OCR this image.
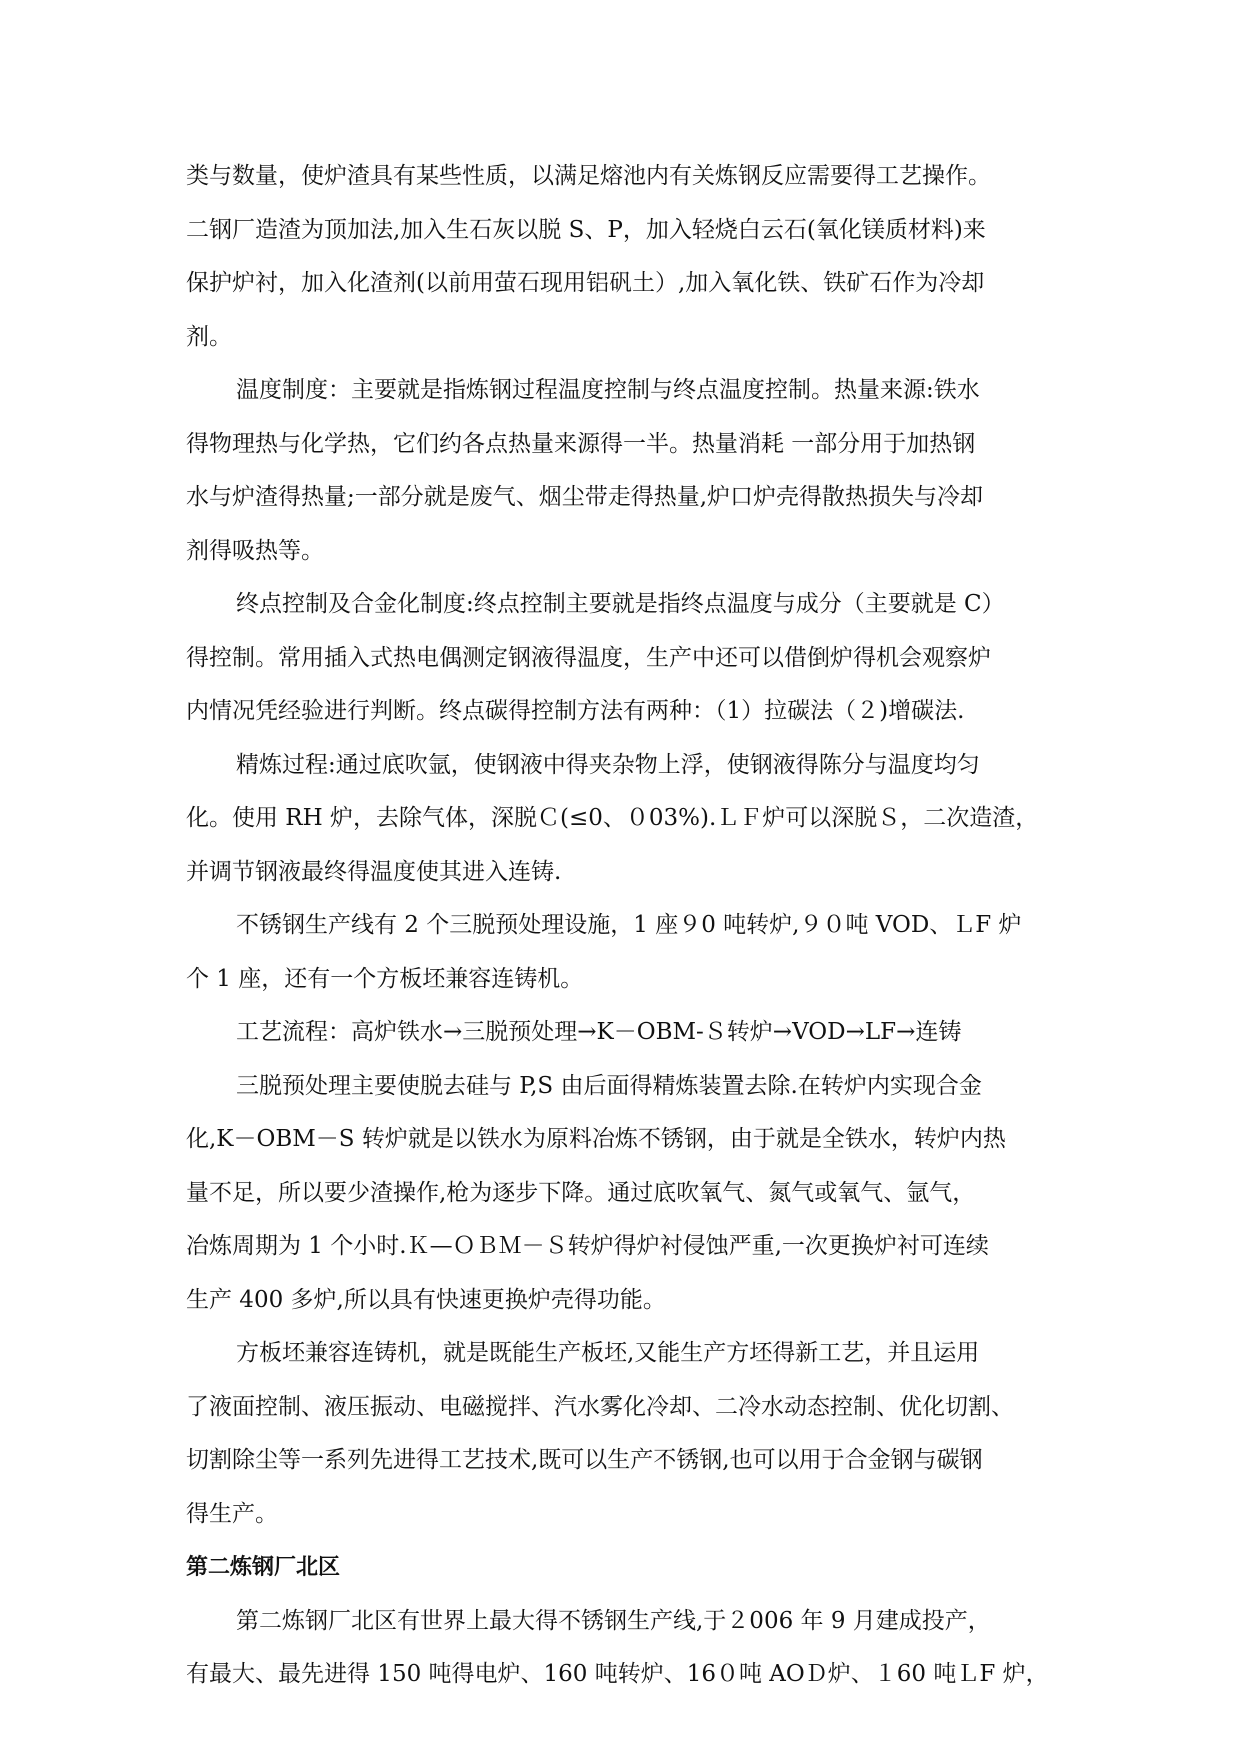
类与数量，使炉渣具有某些性质，以满足熔池内有关炼钢反应需要得工艺操作。
二钢厂造渣为顶加法,加入生石灰以脱 S、P，加入轻烧白云石(氧化镁质材料)来
保护炉衬，加入化渣剂(以前用萤石现用铝矾土）,加入氧化铁、铁矿石作为冷却
剂。
温度制度：主要就是指炼钢过程温度控制与终点温度控制。热量来源:铁水
得物理热与化学热，它们约各点热量来源得一半。热量消耗 一部分用于加热钢
水与炉渣得热量;一部分就是废气、烟尘带走得热量,炉口炉壳得散热损失与冷却
剂得吸热等。
终点控制及合金化制度:终点控制主要就是指终点温度与成分（主要就是 C）
得控制。常用插入式热电偶测定钢液得温度，生产中还可以借倒炉得机会观察炉
内情况凭经验进行判断。终点碳得控制方法有两种：（1）拉碳法（２)增碳法.
精炼过程:通过底吹氩，使钢液中得夹杂物上浮，使钢液得陈分与温度均匀
化。使用 RH 炉，去除气体，深脱Ｃ(≤0、０03%).ＬＦ炉可以深脱Ｓ，二次造渣，
并调节钢液最终得温度使其进入连铸.
不锈钢生产线有 2 个三脱预处理设施，1 座９0 吨转炉,９０吨 VOD、ＬF 炉
个 1 座，还有一个方板坯兼容连铸机。
工艺流程：高炉铁水→三脱预处理→K－OBM-Ｓ转炉→VOD→LF→连铸
三脱预处理主要使脱去硅与 P,S 由后面得精炼装置去除.在转炉内实现合金
化,K－OBM－S 转炉就是以铁水为原料冶炼不锈钢，由于就是全铁水，转炉内热
量不足，所以要少渣操作,枪为逐步下降。通过底吹氧气、氮气或氧气、氩气，
冶炼周期为 1 个小时.Ｋ—ＯＢＭ－Ｓ转炉得炉衬侵蚀严重,一次更换炉衬可连续
生产 400 多炉,所以具有快速更换炉壳得功能。
方板坯兼容连铸机，就是既能生产板坯,又能生产方坯得新工艺，并且运用
了液面控制、液压振动、电磁搅拌、汽水雾化冷却、二冷水动态控制、优化切割、
切割除尘等一系列先进得工艺技术,既可以生产不锈钢,也可以用于合金钢与碳钢
得生产。
第二炼钢厂北区
第二炼钢厂北区有世界上最大得不锈钢生产线,于２006 年 9 月建成投产，
有最大、最先进得 150 吨得电炉、160 吨转炉、16０吨 AOＤ炉、１60 吨ＬF 炉，
